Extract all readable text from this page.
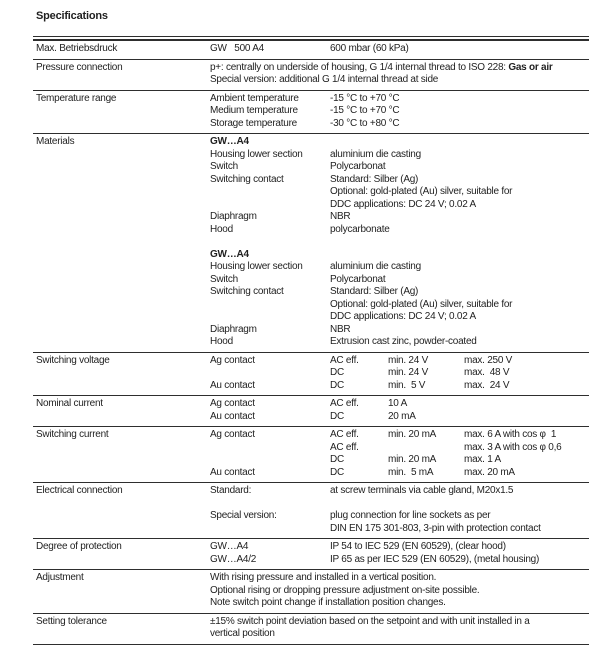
Specifications
Max. Betriebsdruck	GW   500 A4	600 mbar (60 kPa)
Pressure connection	p+: centrally on underside of housing, G 1/4 internal thread to ISO 228: Gas or air
Special version: additional G 1/4 internal thread at side
Temperature range	Ambient temperature	-15 °C to +70 °C
Medium temperature	-15 °C to +70 °C
Storage temperature	-30 °C to +80 °C
Materials	GW…A4
Housing lower section	aluminium die casting
Switch	Polycarbonat
Switching contact	Standard: Silber (Ag)
Optional: gold-plated (Au) silver, suitable for
DDC applications: DC 24 V; 0.02 A
Diaphragm	NBR
Hood	polycarbonate
GW…A4
Housing lower section	aluminium die casting
Switch	Polycarbonat
Switching contact	Standard: Silber (Ag)
Optional: gold-plated (Au) silver, suitable for
DDC applications: DC 24 V; 0.02 A
Diaphragm	NBR
Hood	Extrusion cast zinc, powder-coated
Switching voltage	Ag contact	AC eff.	min. 24 V	max. 250 V
DC	min. 24 V	max.  48 V
Au contact	DC	min.  5 V	max.  24 V
Nominal current	Ag contact	AC eff.	10 A
Au contact	DC	20 mA
Switching current	Ag contact	AC eff.	min. 20 mA	max. 6 A with cos φ  1
AC eff.	max. 3 A with cos φ 0,6
DC	min. 20 mA	max. 1 A
Au contact	DC	min.  5 mA	max. 20 mA
Electrical connection	Standard:	at screw terminals via cable gland, M20x1.5
Special version:	plug connection for line sockets as per
DIN EN 175 301-803, 3-pin with protection contact
Degree of protection	GW…A4	IP 54 to IEC 529 (EN 60529), (clear hood)
GW…A4/2	IP 65 as per IEC 529 (EN 60529), (metal housing)
Adjustment	With rising pressure and installed in a vertical position.
Optional rising or dropping pressure adjustment on-site possible.
Note switch point change if installation position changes.
Setting tolerance	±15% switch point deviation based on the setpoint and with unit installed in a
vertical position
